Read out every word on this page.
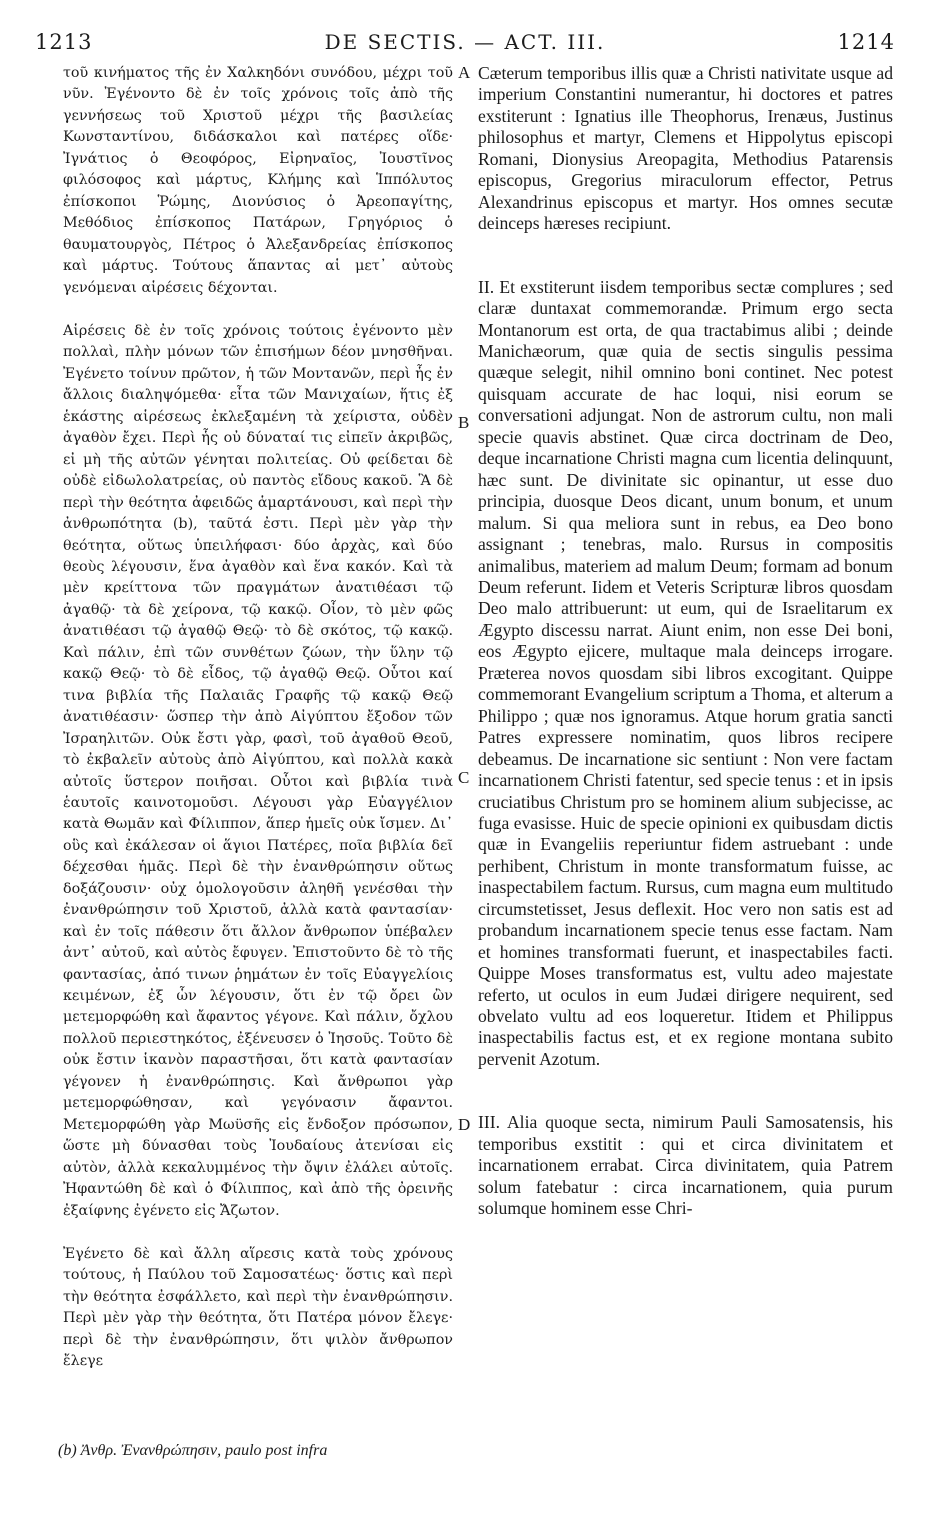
1213	DE SECTIS. — ACT. III.	1214

τοῦ κινήματος τῆς ἐν Χαλκηδόνι συνόδου, μέχρι τοῦ νῦν. Ἐγένοντο δὲ ἐν τοῖς χρόνοις τοῖς ἀπὸ τῆς γεννήσεως τοῦ Χριστοῦ μέχρι τῆς βασιλείας Κωνσταντίνου, διδάσκαλοι καὶ πατέρες οἵδε· Ἰγνάτιος ὁ Θεοφόρος, Εἰρηναῖος, Ἰουστῖνος φιλόσοφος καὶ μάρτυς, Κλήμης καὶ Ἱππόλυτος ἐπίσκοποι Ῥώμης, Διονύσιος ὁ Ἀρεοπαγίτης, Μεθόδιος ἐπίσκοπος Πατάρων, Γρηγόριος ὁ θαυματουργὸς, Πέτρος ὁ Ἀλεξανδρείας ἐπίσκοπος καὶ μάρτυς. Τούτους ἅπαντας αἱ μετ᾽ αὐτοὺς γενόμεναι αἱρέσεις δέχονται.

Αἱρέσεις δὲ ἐν τοῖς χρόνοις τούτοις ἐγένοντο μὲν πολλαὶ, πλὴν μόνων τῶν ἐπισήμων δέον μνησθῆναι. Ἐγένετο τοίνυν πρῶτον, ἡ τῶν Μοντανῶν, περὶ ἧς ἐν ἄλλοις διαληψόμεθα· εἶτα τῶν Μανιχαίων, ἥτις ἐξ ἑκάστης αἱρέσεως ἐκλεξαμένη τὰ χείριστα, οὐδὲν ἀγαθὸν ἔχει. Περὶ ἧς οὐ δύναταί τις εἰπεῖν ἀκριβῶς, εἰ μὴ τῆς αὐτῶν γένηται πολιτείας. Οὐ φείδεται δὲ οὐδὲ εἰδωλολατρείας, οὐ παντὸς εἴδους κακοῦ. Ἃ δὲ περὶ τὴν θεότητα ἀφειδῶς ἁμαρτάνουσι, καὶ περὶ τὴν ἀνθρωπότητα (b), ταῦτά ἐστι. Περὶ μὲν γὰρ τὴν θεότητα, οὕτως ὑπειλήφασι· δύο ἀρχὰς, καὶ δύο θεοὺς λέγουσιν, ἕνα ἀγαθὸν καὶ ἕνα κακόν. Καὶ τὰ μὲν κρείττονα τῶν πραγμάτων ἀνατιθέασι τῷ ἀγαθῷ· τὰ δὲ χείρονα, τῷ κακῷ. Οἷον, τὸ μὲν φῶς ἀνατιθέασι τῷ ἀγαθῷ Θεῷ· τὸ δὲ σκότος, τῷ κακῷ. Καὶ πάλιν, ἐπὶ τῶν συνθέτων ζώων, τὴν ὕλην τῷ κακῷ Θεῷ· τὸ δὲ εἶδος, τῷ ἀγαθῷ Θεῷ. Οὗτοι καί τινα βιβλία τῆς Παλαιᾶς Γραφῆς τῷ κακῷ Θεῷ ἀνατιθέασιν· ὥσπερ τὴν ἀπὸ Αἰγύπτου ἔξοδον τῶν Ἰσραηλιτῶν. Οὐκ ἔστι γὰρ, φασὶ, τοῦ ἀγαθοῦ Θεοῦ, τὸ ἐκβαλεῖν αὐτοὺς ἀπὸ Αἰγύπτου, καὶ πολλὰ κακὰ αὐτοῖς ὕστερον ποιῆσαι. Οὗτοι καὶ βιβλία τινὰ ἑαυτοῖς καινοτομοῦσι. Λέγουσι γὰρ Εὐαγγέλιον κατὰ Θωμᾶν καὶ Φίλιππον, ἅπερ ἡμεῖς οὐκ ἴσμεν. Δι᾽ οὓς καὶ ἐκάλεσαν οἱ ἅγιοι Πατέρες, ποῖα βιβλία δεῖ δέχεσθαι ἡμᾶς. Περὶ δὲ τὴν ἐνανθρώπησιν οὕτως δοξάζουσιν· οὐχ ὁμολογοῦσιν ἀληθῆ γενέσθαι τὴν ἐνανθρώπησιν τοῦ Χριστοῦ, ἀλλὰ κατὰ φαντασίαν· καὶ ἐν τοῖς πάθεσιν ὅτι ἄλλον ἄνθρωπον ὑπέβαλεν ἀντ᾽ αὐτοῦ, καὶ αὐτὸς ἔφυγεν. Ἐπιστοῦντο δὲ τὸ τῆς φαντασίας, ἀπό τινων ῥημάτων ἐν τοῖς Εὐαγγελίοις κειμένων, ἐξ ὧν λέγουσιν, ὅτι ἐν τῷ ὄρει ὢν μετεμορφώθη καὶ ἄφαντος γέγονε. Καὶ πάλιν, ὄχλου πολλοῦ περιεστηκότος, ἐξένευσεν ὁ Ἰησοῦς. Τοῦτο δὲ οὐκ ἔστιν ἱκανὸν παραστῆσαι, ὅτι κατὰ φαντασίαν γέγονεν ἡ ἐνανθρώπησις. Καὶ ἄνθρωποι γὰρ μετεμορφώθησαν, καὶ γεγόνασιν ἄφαντοι. Μετεμορφώθη γὰρ Μωϋσῆς εἰς ἔνδοξον πρόσωπον, ὥστε μὴ δύνασθαι τοὺς Ἰουδαίους ἀτενίσαι εἰς αὐτὸν, ἀλλὰ κεκαλυμμένος τὴν ὄψιν ἐλάλει αὐτοῖς. Ἠφαντώθη δὲ καὶ ὁ Φίλιππος, καὶ ἀπὸ τῆς ὀρεινῆς ἐξαίφνης ἐγένετο εἰς Ἄζωτον.

Ἐγένετο δὲ καὶ ἄλλη αἵρεσις κατὰ τοὺς χρόνους τούτους, ἡ Παύλου τοῦ Σαμοσατέως· ὅστις καὶ περὶ τὴν θεότητα ἐσφάλλετο, καὶ περὶ τὴν ἐνανθρώπησιν. Περὶ μὲν γὰρ τὴν θεότητα, ὅτι Πατέρα μόνον ἔλεγε· περὶ δὲ τὴν ἐνανθρώπησιν, ὅτι ψιλὸν ἄνθρωπον ἔλεγε

Cæterum temporibus illis quæ a Christi nativitate usque ad imperium Constantini numerantur, hi doctores et patres exstiterunt : Ignatius ille Theophorus, Irenæus, Justinus philosophus et martyr, Clemens et Hippolytus episcopi Romani, Dionysius Areopagita, Methodius Patarensis episcopus, Gregorius miraculorum effector, Petrus Alexandrinus episcopus et martyr. Hos omnes secutæ deinceps hæreses recipiunt.

II. Et exstiterunt iisdem temporibus sectæ complures ; sed claræ duntaxat commemorandæ. Primum ergo secta Montanorum est orta, de qua tractabimus alibi ; deinde Manichæorum, quæ quia de sectis singulis pessima quæque selegit, nihil omnino boni continet. Nec potest quisquam accurate de hac loqui, nisi eorum se conversationi adjungat. Non de astrorum cultu, non mali specie quavis abstinet. Quæ circa doctrinam de Deo, deque incarnatione Christi magna cum licentia delinquunt, hæc sunt. De divinitate sic opinantur, ut esse duo principia, duosque Deos dicant, unum bonum, et unum malum. Si qua meliora sunt in rebus, ea Deo bono assignant ; tenebras, malo. Rursus in compositis animalibus, materiem ad malum Deum; formam ad bonum Deum referunt. Iidem et Veteris Scripturæ libros quosdam Deo malo attribuerunt: ut eum, qui de Israelitarum ex Ægypto discessu narrat. Aiunt enim, non esse Dei boni, eos Ægypto ejicere, multaque mala deinceps irrogare. Præterea novos quosdam sibi libros excogitant. Quippe commemorant Evangelium scriptum a Thoma, et alterum a Philippo ; quæ nos ignoramus. Atque horum gratia sancti Patres expressere nominatim, quos libros recipere debeamus. De incarnatione sic sentiunt : Non vere factam incarnationem Christi fatentur, sed specie tenus : et in ipsis cruciatibus Christum pro se hominem alium subjecisse, ac fuga evasisse. Huic de specie opinioni ex quibusdam dictis quæ in Evangeliis reperiuntur fidem astruebant : unde perhibent, Christum in monte transformatum fuisse, ac inaspectabilem factum. Rursus, cum magna eum multitudo circumstetisset, Jesus deflexit. Hoc vero non satis est ad probandum incarnationem specie tenus esse factam. Nam et homines transformati fuerunt, et inaspectabiles facti. Quippe Moses transformatus est, vultu adeo majestate referto, ut oculos in eum Judæi dirigere nequirent, sed obvelato vultu ad eos loqueretur. Itidem et Philippus inaspectabilis factus est, et ex regione montana subito pervenit Azotum.

III. Alia quoque secta, nimirum Pauli Samosatensis, his temporibus exstitit : qui et circa divinitatem et incarnationem errabat. Circa divinitatem, quia Patrem solum fatebatur : circa incarnationem, quia purum solumque hominem esse Chri-

A
B
C
D
(b) Ἀνθρ. Ἐνανθρώπησιν, paulo post infra
